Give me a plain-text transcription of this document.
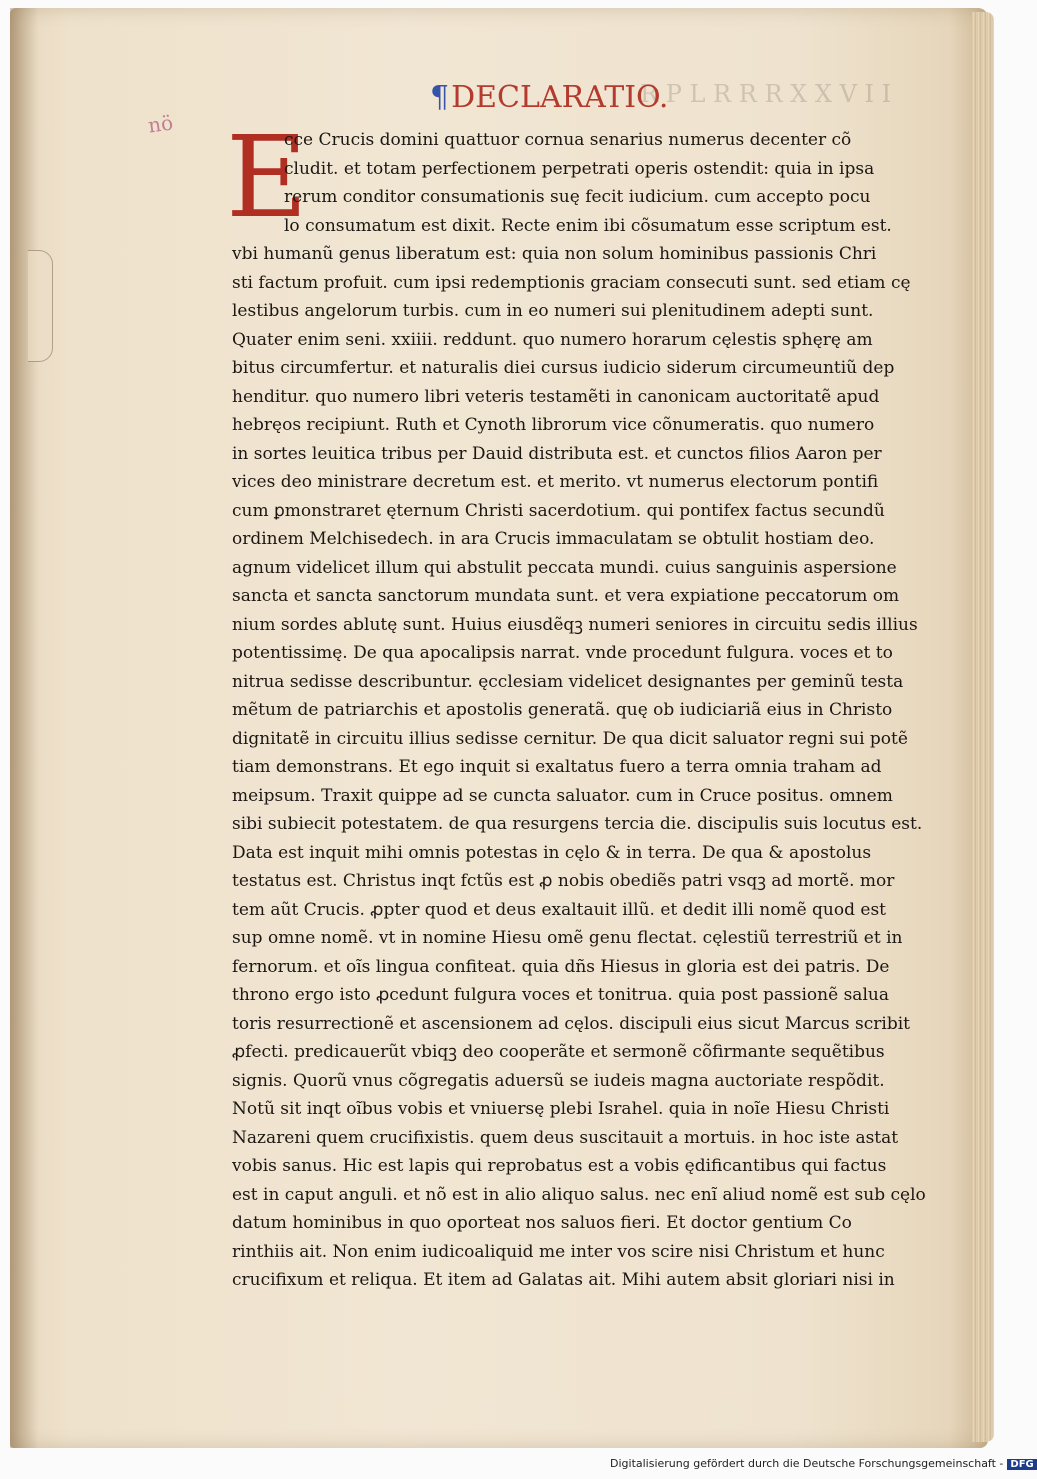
R P L R R R X X V I I
nö
¶DECLARATIO.
E
cce Crucis domini quattuor cornua senarius numerus decenter cõ
cludit. et totam perfectionem perpetrati operis ostendit: quia in ipsa
rerum conditor consumationis suę fecit iudicium. cum accepto pocu
lo consumatum est dixit. Recte enim ibi cõsumatum esse scriptum est.
vbi humanũ genus liberatum est: quia non solum hominibus passionis Chri
sti factum profuit. cum ipsi redemptionis graciam consecuti sunt. sed etiam cę
lestibus angelorum turbis. cum in eo numeri sui plenitudinem adepti sunt.
Quater enim seni. xxiiii. reddunt. quo numero horarum cęlestis sphęrę am
bitus circumfertur. et naturalis diei cursus iudicio siderum circumeuntiũ dep
henditur. quo numero libri veteris testamẽti in canonicam auctoritatẽ apud
hebręos recipiunt. Ruth et Cynoth librorum vice cõnumeratis. quo numero
in sortes leuitica tribus per Dauid distributa est. et cunctos filios Aaron per
vices deo ministrare decretum est. et merito. vt numerus electorum pontifi
cum ꝑmonstraret ęternum Christi sacerdotium. qui pontifex factus secundũ
ordinem Melchisedech. in ara Crucis immaculatam se obtulit hostiam deo.
agnum videlicet illum qui abstulit peccata mundi. cuius sanguinis aspersione
sancta et sancta sanctorum mundata sunt. et vera expiatione peccatorum om
nium sordes ablutę sunt. Huius eiusdẽqꝫ numeri seniores in circuitu sedis illius
potentissimę. De qua apocalipsis narrat. vnde procedunt fulgura. voces et to
nitrua sedisse describuntur. ęcclesiam videlicet designantes per geminũ testa
mẽtum de patriarchis et apostolis generatã. quę ob iudiciariã eius in Christo
dignitatẽ in circuitu illius sedisse cernitur. De qua dicit saluator regni sui potẽ
tiam demonstrans. Et ego inquit si exaltatus fuero a terra omnia traham ad
meipsum. Traxit quippe ad se cuncta saluator. cum in Cruce positus. omnem
sibi subiecit potestatem. de qua resurgens tercia die. discipulis suis locutus est.
Data est inquit mihi omnis potestas in cęlo & in terra. De qua & apostolus
testatus est. Christus inqt fctũs est ꝓ nobis obediẽs patri vsqꝫ ad mortẽ. mor
tem aũt Crucis. ꝓpter quod et deus exaltauit illũ. et dedit illi nomẽ quod est
sup omne nomẽ. vt in nomine Hiesu omẽ genu flectat. cęlestiũ terrestriũ et in
fernorum. et oĩs lingua confiteat. quia dñs Hiesus in gloria est dei patris. De
throno ergo isto ꝓcedunt fulgura voces et tonitrua. quia post passionẽ salua
toris resurrectionẽ et ascensionem ad cęlos. discipuli eius sicut Marcus scribit
ꝓfecti. predicauerũt vbiqꝫ deo cooperãte et sermonẽ cõfirmante sequẽtibus
signis. Quorũ vnus cõgregatis aduersũ se iudeis magna auctoriate respõdit.
Notũ sit inqt oĩbus vobis et vniuersę plebi Israhel. quia in noĩe Hiesu Christi
Nazareni quem crucifixistis. quem deus suscitauit a mortuis. in hoc iste astat
vobis sanus. Hic est lapis qui reprobatus est a vobis ędificantibus qui factus
est in caput anguli. et nõ est in alio aliquo salus. nec enĩ aliud nomẽ est sub cęlo
datum hominibus in quo oporteat nos saluos fieri. Et doctor gentium Co
rinthiis ait. Non enim iudicoaliquid me inter vos scire nisi Christum et hunc
crucifixum et reliqua. Et item ad Galatas ait. Mihi autem absit gloriari nisi in
Digitalisierung gefördert durch die Deutsche Forschungsgemeinschaft - DFG
